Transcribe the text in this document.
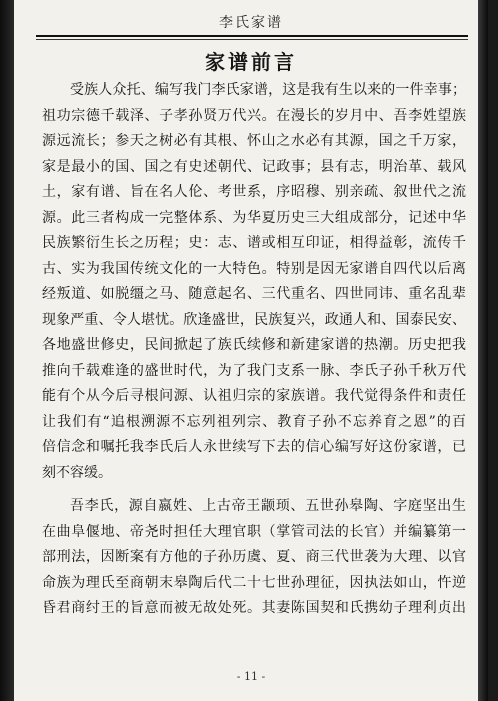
李氏家谱
家谱前言
受族人众托、编写我门李氏家谱，这是我有生以来的一件幸事；
祖功宗德千载泽、子孝孙贤万代兴。在漫长的岁月中、吾李姓望族
源远流长；参天之树必有其根、怀山之水必有其源，国之千万家，
家是最小的国、国之有史述朝代、记政事；县有志，明治革、载风
土，家有谱、旨在名人伦、考世系，序昭穆、别亲疏、叙世代之流
源。此三者构成一完整体系、为华夏历史三大组成部分，记述中华
民族繁衍生长之历程；史：志、谱或相互印证，相得益彰，流传千
古、实为我国传统文化的一大特色。特别是因无家谱自四代以后离
经叛道、如脱缰之马、随意起名、三代重名、四世同讳、重名乱辈
现象严重、令人堪忧。欣逢盛世，民族复兴，政通人和、国泰民安、
各地盛世修史，民间掀起了族氏续修和新建家谱的热潮。历史把我
推向千载难逢的盛世时代，为了我门支系一脉、李氏子孙千秋万代
能有个从今后寻根问源、认祖归宗的家族谱。我代觉得条件和责任
让我们有“追根溯源不忘列祖列宗、教育子孙不忘养育之恩”的百
倍信念和嘱托我李氏后人永世续写下去的信心编写好这份家谱，已
刻不容缓。
吾李氏，源自嬴姓、上古帝王颛顼、五世孙皋陶、字庭坚出生
在曲阜偃地、帝尧时担任大理官职（掌管司法的长官）并编纂第一
部刑法，因断案有方他的子孙历虞、夏、商三代世袭为大理、以官
命族为理氏至商朝末皋陶后代二十七世孙理征，因执法如山，忤逆
昏君商纣王的旨意而被无故处死。其妻陈国契和氏携幼子理利贞出
- 11 -
